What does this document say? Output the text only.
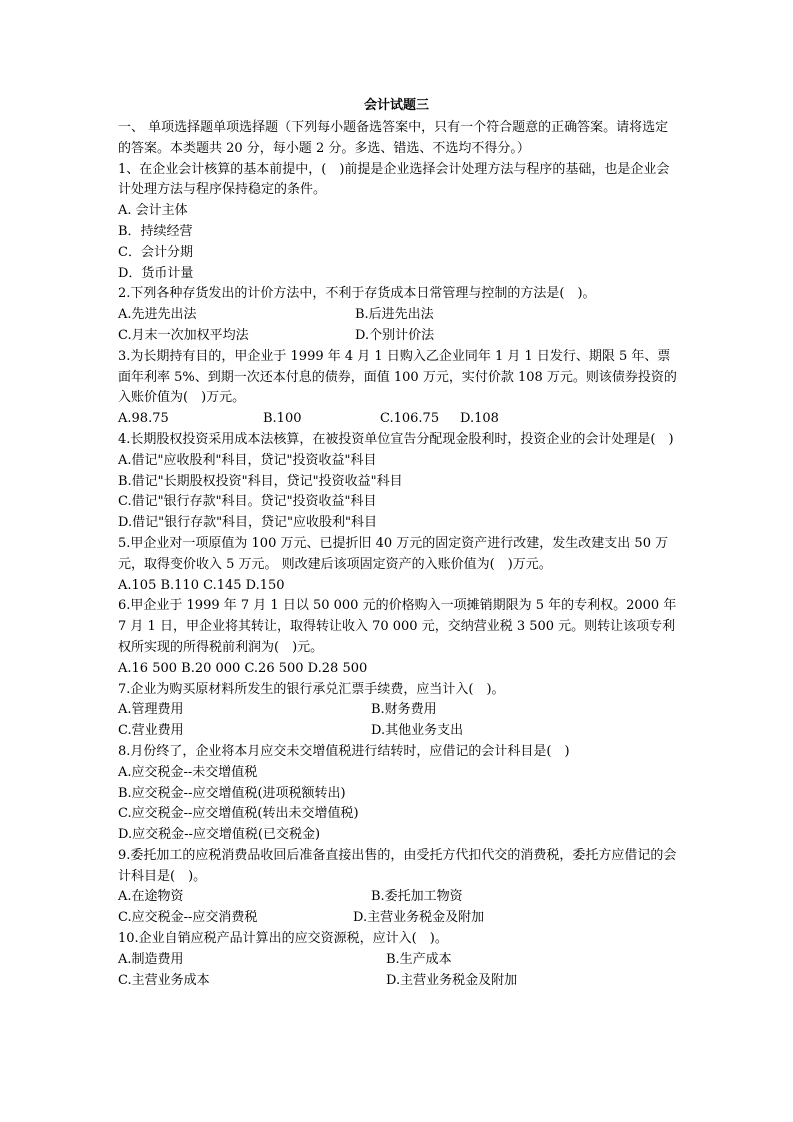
会计试题三

一、 单项选择题单项选择题（下列每小题备选答案中，只有一个符合题意的正确答案。请将选定的答案。本类题共 20 分，每小题 2 分。多选、错选、不选均不得分。）

1、在企业会计核算的基本前提中，(　)前提是企业选择会计处理方法与程序的基础，也是企业会计处理方法与程序保持稳定的条件。

A. 会计主体
B．持续经营
C．会计分期
D．货币计量

2.下列各种存货发出的计价方法中，不利于存货成本日常管理与控制的方法是(　)。

A.先进先出法	B.后进先出法
C.月末一次加权平均法	D.个别计价法

3.为长期持有目的，甲企业于 1999 年 4 月 1 日购入乙企业同年 1 月 1 日发行、期限 5 年、票面年利率 5%、到期一次还本付息的债券，面值 100 万元，实付价款 108 万元。则该债券投资的入账价值为(　)万元。

A.98.75	B.100	C.106.75 D.108

4.长期股权投资采用成本法核算，在被投资单位宣告分配现金股利时，投资企业的会计处理是(　)

A.借记"应收股利"科目，贷记"投资收益"科目
B.借记"长期股权投资"科目，贷记"投资收益"科目
C.借记"银行存款"科目。贷记"投资收益"科目
D.借记"银行存款"科目，贷记"应收股利"科目

5.甲企业对一项原值为 100 万元、已提折旧 40 万元的固定资产进行改建，发生改建支出 50 万元，取得变价收入 5 万元。 则改建后该项固定资产的入账价值为(　)万元。

A.105 B.110 C.145 D.150

6.甲企业于 1999 年 7 月 1 日以 50 000 元的价格购入一项摊销期限为 5 年的专利权。2000 年 7 月 1 日，甲企业将其转让，取得转让收入 70 000 元，交纳营业税 3 500 元。则转让该项专利权所实现的所得税前利润为(　)元。

A.16 500 B.20 000 C.26 500 D.28 500

7.企业为购买原材料所发生的银行承兑汇票手续费，应当计入(　)。

A.管理费用	B.财务费用
C.营业费用	D.其他业务支出

8.月份终了，企业将本月应交未交增值税进行结转时，应借记的会计科目是(　)

A.应交税金--未交增值税
B.应交税金--应交增值税(进项税额转出)
C.应交税金--应交增值税(转出未交增值税)
D.应交税金--应交增值税(已交税金)

9.委托加工的应税消费品收回后准备直接出售的，由受托方代扣代交的消费税，委托方应借记的会计科目是(　)。

A.在途物资	B.委托加工物资
C.应交税金--应交消费税	D.主营业务税金及附加

10.企业自销应税产品计算出的应交资源税，应计入(　)。

A.制造费用	B.生产成本
C.主营业务成本	D.主营业务税金及附加
